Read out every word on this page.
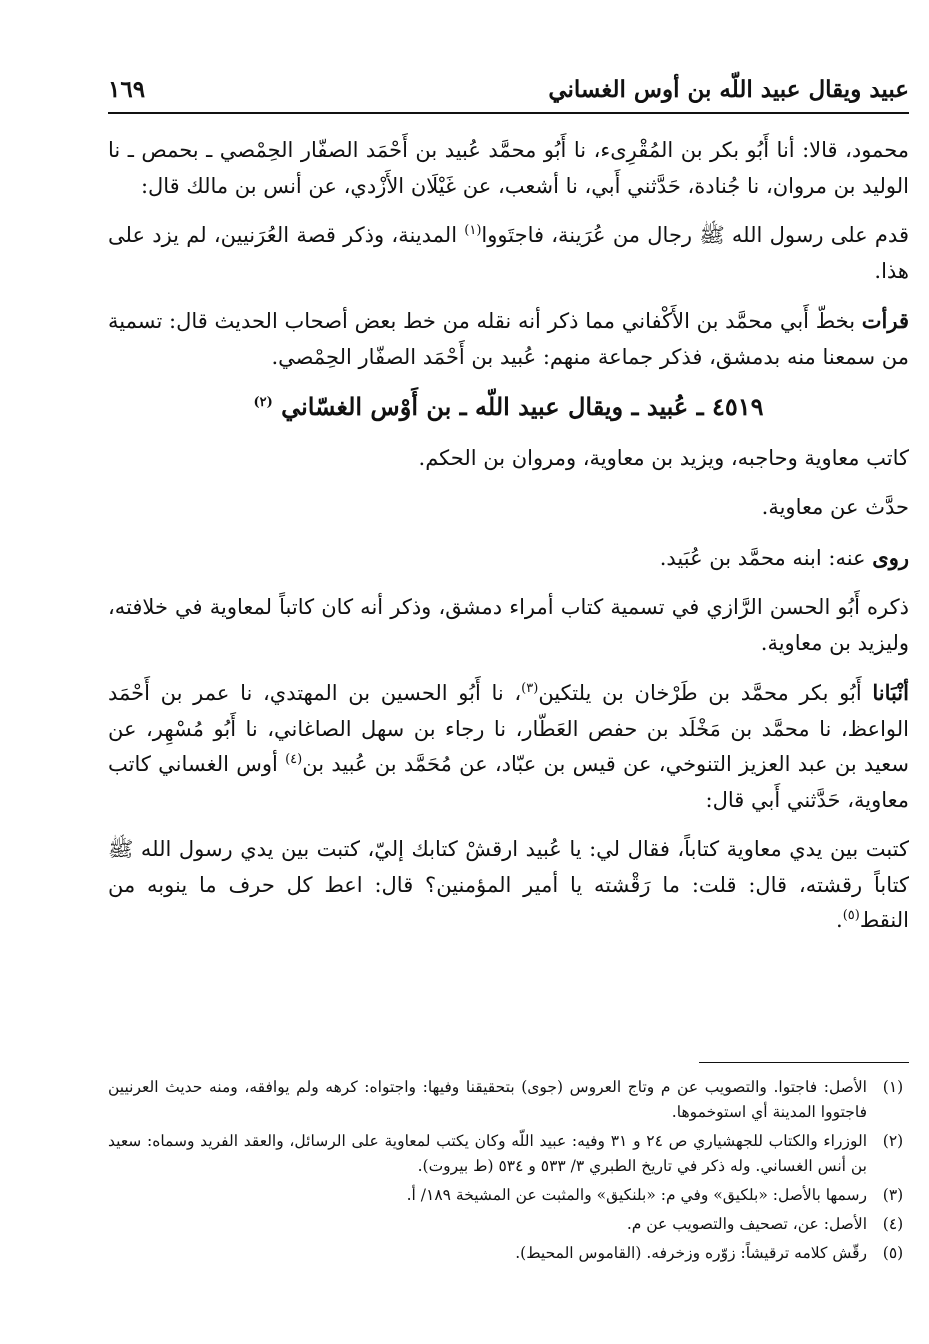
عبيد ويقال عبيد اللّه بن أوس الغساني
١٦٩

محمود، قالا: أنا أَبُو بكر بن المُقْرِىء، نا أَبُو محمَّد عُبيد بن أَحْمَد الصفّار الحِمْصي ـ بحمص ـ نا الوليد بن مروان، نا جُنادة، حَدَّثني أَبي، نا أشعب، عن غَيْلَان الأَزْدي، عن أنس بن مالك قال:

قدم على رسول الله ﷺ رجال من عُرَينة، فاجتَووا$^{(١)}$ المدينة، وذكر قصة العُرَنيين، لم يزد على هذا.

قرأت بخطّ أَبي محمَّد بن الأَكْفاني مما ذكر أنه نقله من خط بعض أصحاب الحديث قال: تسمية من سمعنا منه بدمشق، فذكر جماعة منهم: عُبيد بن أَحْمَد الصفّار الحِمْصي.

٤٥١٩ ـ عُبيد ـ ويقال عبيد اللّه ـ بن أَوْس الغسّاني $^{(٢)}$

كاتب معاوية وحاجبه، ويزيد بن معاوية، ومروان بن الحكم.

حدَّث عن معاوية.

روى عنه: ابنه محمَّد بن عُبَيد.

ذكره أَبُو الحسن الرَّازي في تسمية كتاب أمراء دمشق، وذكر أنه كان كاتباً لمعاوية في خلافته، وليزيد بن معاوية.

أنْبَانا أَبُو بكر محمَّد بن طَرْخان بن يلتكين$^{(٣)}$، نا أَبُو الحسين بن المهتدي، نا عمر بن أَحْمَد الواعظ، نا محمَّد بن مَخْلَد بن حفص العَطّار، نا رجاء بن سهل الصاغاني، نا أَبُو مُسْهِر، عن سعيد بن عبد العزيز التنوخي، عن قيس بن عبّاد، عن مُحَمَّد بن عُبيد بن$^{(٤)}$ أوس الغساني كاتب معاوية، حَدَّثني أَبي قال:

كتبت بين يدي معاوية كتاباً، فقال لي: يا عُبيد ارقشْ كتابك إليّ، كتبت بين يدي رسول الله ﷺ كتاباً رقشته، قال: قلت: ما رَقْشته يا أمير المؤمنين؟ قال: اعط كل حرف ما ينوبه من النقط$^{(٥)}$.

(١)
الأصل: فاجتوا. والتصويب عن م وتاج العروس (جوى) بتحقيقنا وفيها: واجتواه: كرهه ولم يوافقه، ومنه حديث العرنيين فاجتووا المدينة أي استوخموها.
(٢)
الوزراء والكتاب للجهشياري ص ٢٤ و ٣١ وفيه: عبيد اللّه وكان يكتب لمعاوية على الرسائل، والعقد الفريد وسماه: سعيد بن أنس الغساني. وله ذكر في تاريخ الطبري ٣/ ٥٣٣ و ٥٣٤ (ط بيروت).
(٣)
رسمها بالأصل: «بلكيق» وفي م: «بلنكيق» والمثبت عن المشيخة ١٨٩/ أ.
(٤)
الأصل: عن، تصحيف والتصويب عن م.
(٥)
رقّش كلامه ترقيشاً: زوّره وزخرفه. (القاموس المحيط).
